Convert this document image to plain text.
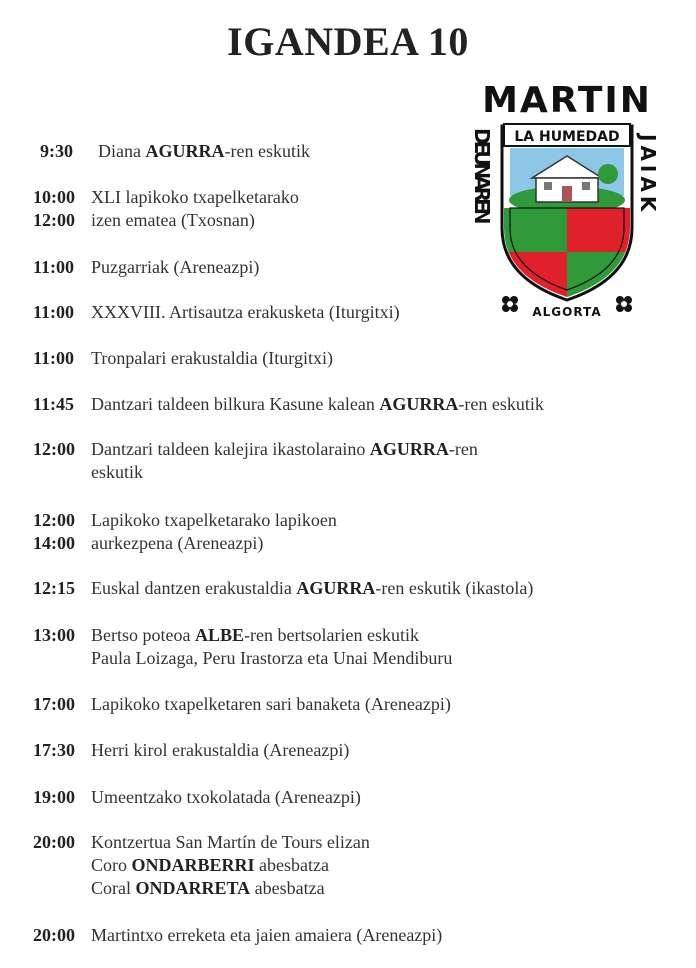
IGANDEA 10
9:30 Diana AGURRA-ren eskutik
10:00 XLI lapikoko txapelketarako
12:00 izen ematea (Txosnan)
11:00 Puzgarriak (Areneazpi)
11:00 XXXVIII. Artisautza erakusketa (Iturgitxi)
11:00 Tronpalari erakustaldia (Iturgitxi)
11:45 Dantzari taldeen bilkura Kasune kalean AGURRA-ren eskutik
12:00 Dantzari taldeen kalejira ikastolaraino AGURRA-ren
eskutik
12:00 Lapikoko txapelketarako lapikoen
14:00 aurkezpena (Areneazpi)
12:15 Euskal dantzen erakustaldia AGURRA-ren eskutik (ikastola)
13:00 Bertso poteoa ALBE-ren bertsolarien eskutik
Paula Loizaga, Peru Irastorza eta Unai Mendiburu
17:00 Lapikoko txapelketaren sari banaketa (Areneazpi)
17:30 Herri kirol erakustaldia (Areneazpi)
19:00 Umeentzako txokolatada (Areneazpi)
20:00 Kontzertua San Martín de Tours elizan
Coro ONDARBERRI abesbatza
Coral ONDARRETA abesbatza
20:00 Martintxo erreketa eta jaien amaiera (Areneazpi)
MARTIN
DEUNAREN	JAIAK
LA HUMEDAD
ALGORTA
